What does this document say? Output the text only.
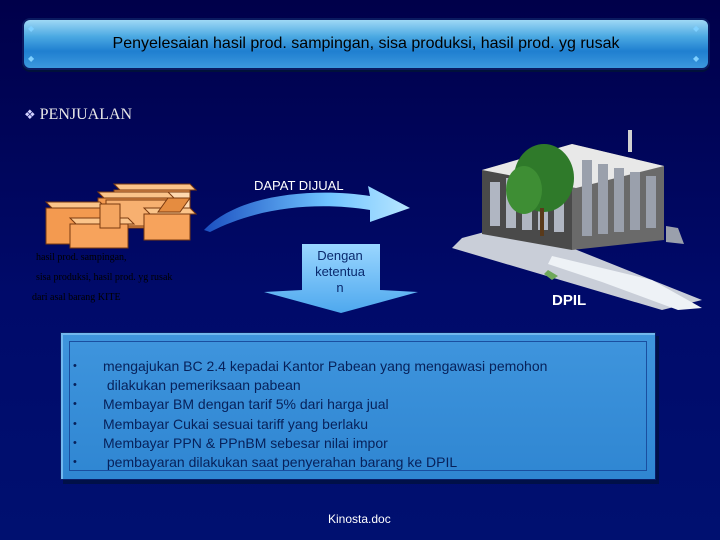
Penyelesaian hasil prod. sampingan, sisa produksi, hasil prod. yg rusak
◆	◆
◆	◆
❖ PENJUALAN
DAPAT DIJUAL
hasil prod. sampingan,
sisa produksi, hasil prod. yg rusak
dari asal barang KITE
Dengan
ketentua
n
DPIL
• mengajukan BC 2.4 kepadai Kantor Pabean yang mengawasi pemohon
• dilakukan pemeriksaan pabean
• Membayar BM dengan tarif 5% dari harga jual
• Membayar Cukai sesuai tariff yang berlaku
• Membayar PPN & PPnBM sebesar nilai impor
• pembayaran dilakukan saat penyerahan barang ke DPIL
Kinosta.doc
